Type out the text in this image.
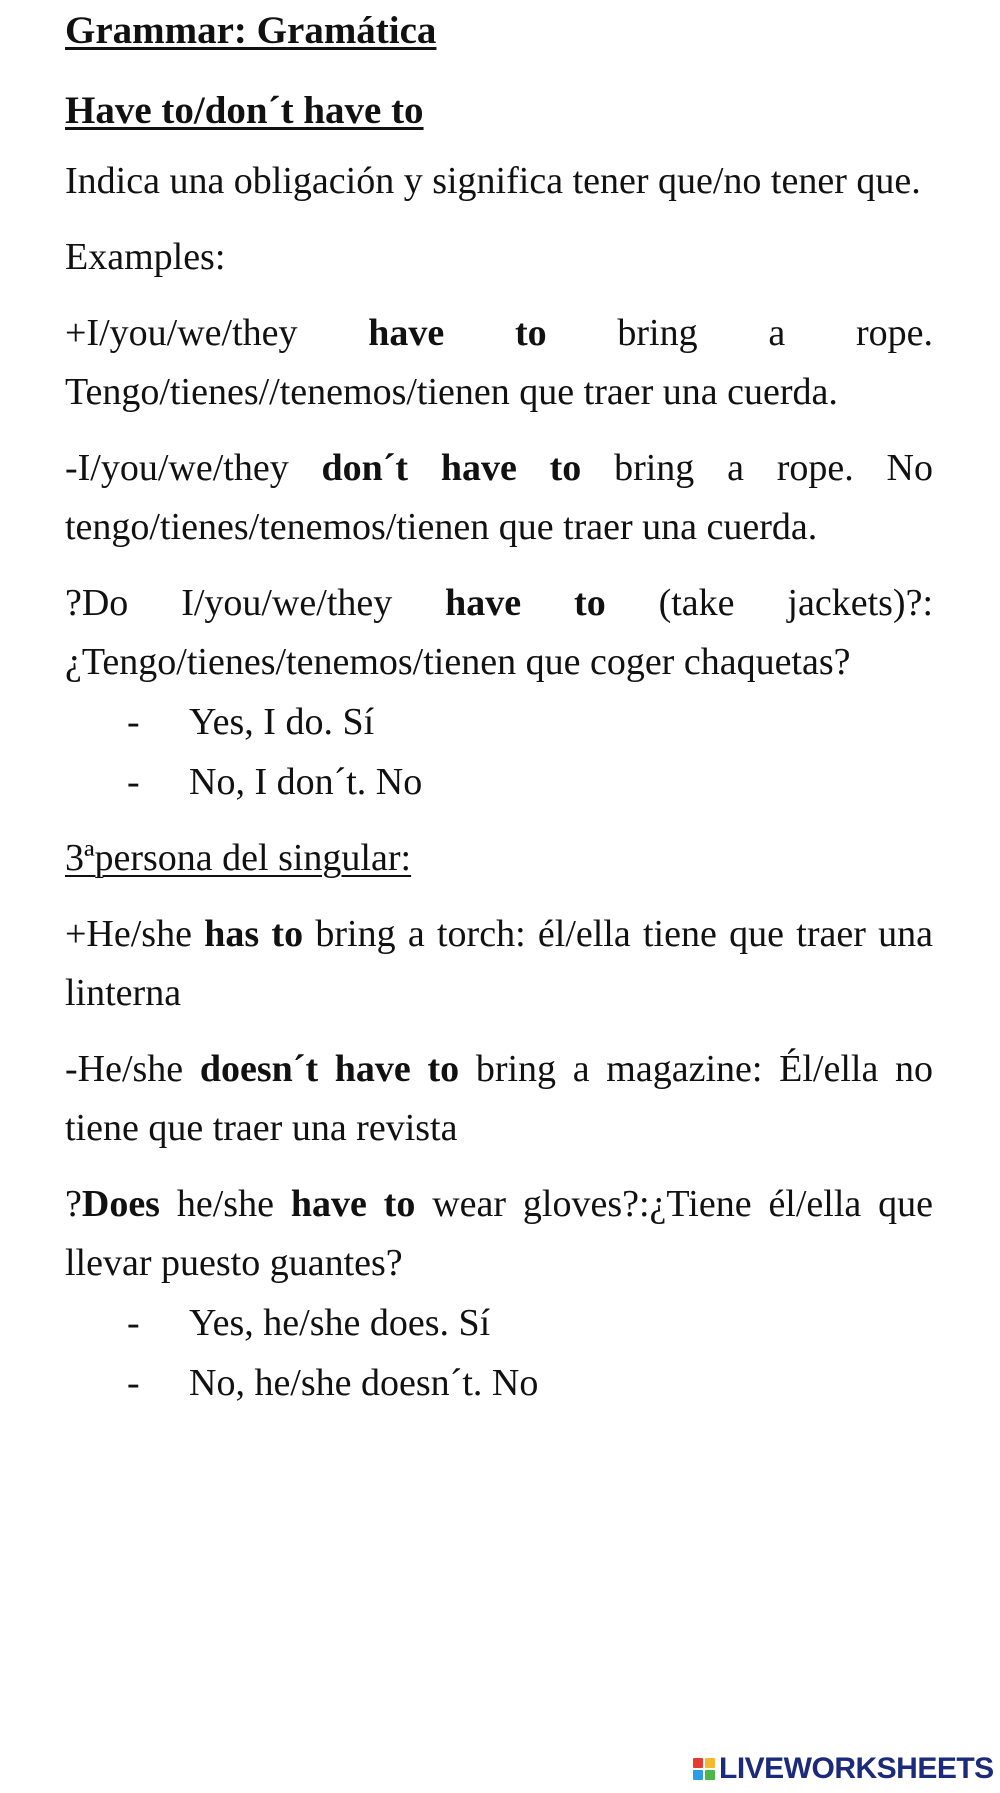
Grammar: Gramática
Have to/don´t have to

Indica una obligación y significa tener que/no tener que.

Examples:

+I/you/we/they have to bring a rope. Tengo/tienes//tenemos/tienen que traer una cuerda.

-I/you/we/they don´t have to bring a rope. No tengo/tienes/tenemos/tienen que traer una cuerda.

?Do I/you/we/they have to (take jackets)?: ¿Tengo/tienes/tenemos/tienen que coger chaquetas?

- Yes, I do. Sí
- No, I don´t. No

3ªpersona del singular:

+He/she has to bring a torch: él/ella tiene que traer una linterna

-He/she doesn´t have to bring a magazine: Él/ella no tiene que traer una revista

?Does he/she have to wear gloves?:¿Tiene él/ella que llevar puesto guantes?

- Yes, he/she does. Sí
- No, he/she doesn´t. No
LIVEWORKSHEETS
